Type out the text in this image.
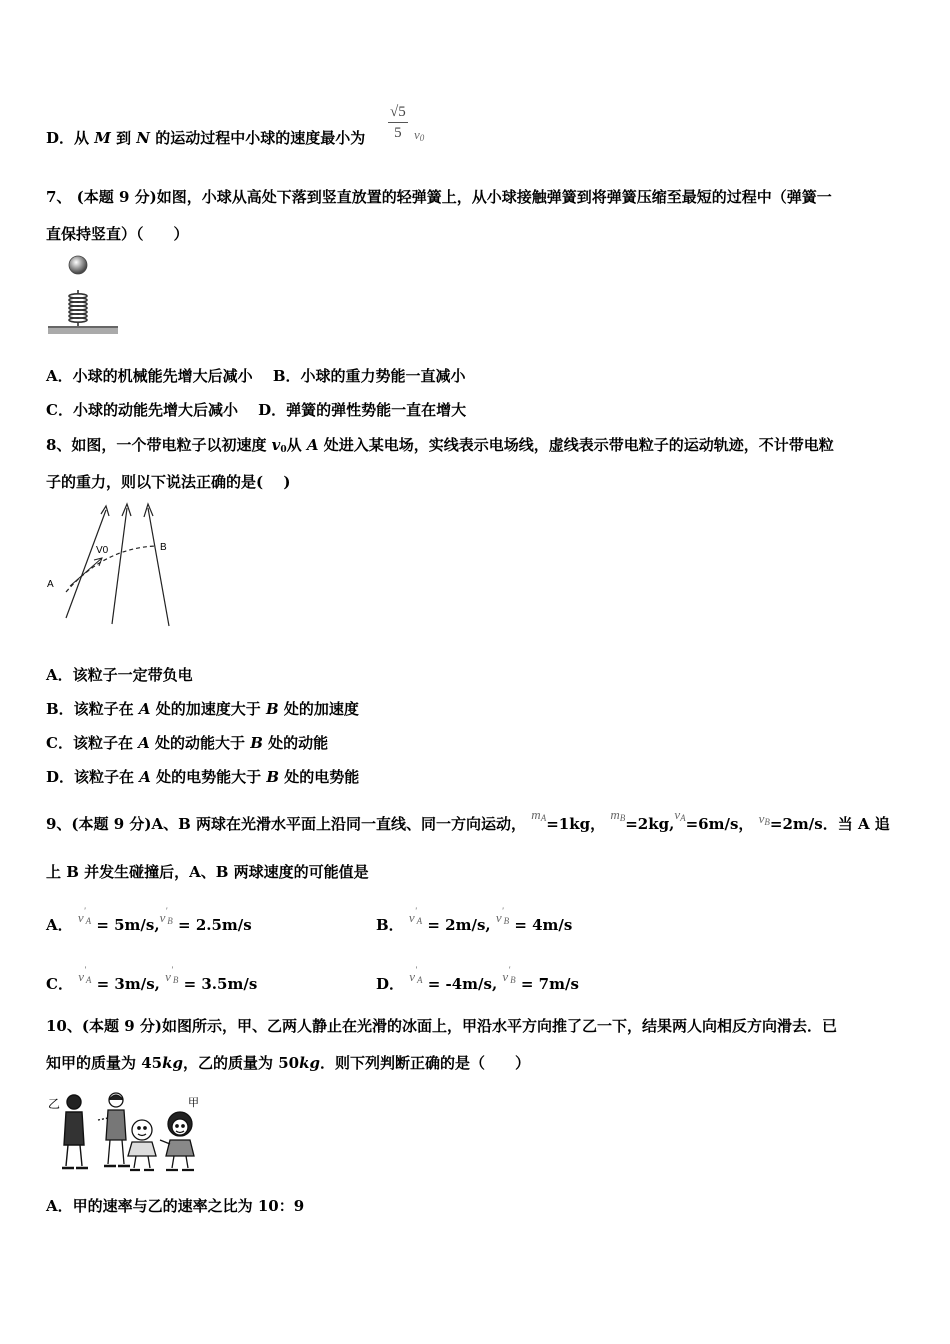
D．从 M 到 N 的运动过程中小球的速度最小为 $\frac{√5}{5} v_0$
7、 (本题 9 分)如图，小球从高处下落到竖直放置的轻弹簧上，从小球接触弹簧到将弹簧压缩至最短的过程中（弹簧一
直保持竖直）（　　）
A．小球的机械能先增大后减小　 B．小球的重力势能一直减小
C．小球的动能先增大后减小　 D．弹簧的弹性势能一直在增大
8、如图，一个带电粒子以初速度 $v_0$从 A 处进入某电场，实线表示电场线，虚线表示带电粒子的运动轨迹，不计带电粒
子的重力，则以下说法正确的是(　 )
V0	B
A
A．该粒子一定带负电
B．该粒子在 A 处的加速度大于 B 处的加速度
C．该粒子在 A 处的动能大于 B 处的动能
D．该粒子在 A 处的电势能大于 B 处的电势能
9、(本题 9 分)A、B 两球在光滑水平面上沿同一直线、同一方向运动， $m_A=1kg$， $m_B=2kg,v_A=6m/s$， $v_B=2m/s$．当 A 追
上 B 并发生碰撞后，A、B 两球速度的可能值是
A． $v'_A = 5m/s,v'_B = 2.5m/s$	B． $v'_A = 2m/s$, $v'_B = 4m/s$
C． $v'_A = 3m/s$, $v'_B = 3.5m/s$	D． $v'_A = -4m/s$, $v'_B = 7m/s$
10、(本题 9 分)如图所示，甲、乙两人静止在光滑的冰面上，甲沿水平方向推了乙一下，结果两人向相反方向滑去．已
知甲的质量为 45kg，乙的质量为 50kg．则下列判断正确的是（　　）
乙	甲
A．甲的速率与乙的速率之比为 10：9
